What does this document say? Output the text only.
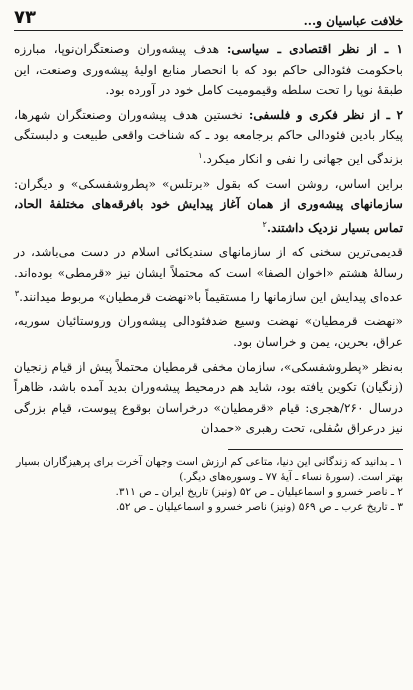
۷۳	خلافت عباسیان و...

۱ ـ از نظر اقتصادی ـ سیاسی: هدف پیشه‌وران وصنعتگران‌نوپا، مبارزه باحکومت فئودالی حاکم بود که با انحصار منابع اولیهٔ پیشه‌وری وصنعت، این طبقهٔ نوپا را تحت سلطه وقیمومیت کامل خود در آورده بود.

۲ ـ از نظر فکری و فلسفی: نخستین هدف پیشه‌وران وصنعتگران شهرها، پیکار بادین فئودالی حاکم برجامعه بود ـ که شناخت واقعی طبیعت و دلبستگی بزندگی این جهانی را نفی و انکار میکرد.$^۱$

براین اساس، روشن است که بقول «برتلس» «پطروشفسکی» و دیگران: سازمانهای پیشه‌وری از همان آغاز پیدایش خود بافرقه‌های مختلفهٔ الحاد، تماس بسیار نزدیک داشتند.$^۲$

قدیمی‌ترین سخنی که از سازمانهای سندیکائی اسلام در دست می‌باشد، در رسالهٔ هشتم «اخوان الصفا» است که محتملاً ایشان نیز «قرمطی» بوده‌اند. عده‌ای پیدایش این سازمانها را مستقیماً با«نهضت قرمطیان» مربوط میدانند.$^۳$

«نهضت قرمطیان» نهضت وسیع ضدفئودالی پیشه‌وران وروستائیان سوریه، عراق، بحرین، یمن و خراسان بود.

به‌نظر «پطروشفسکی»، سازمان مخفی قرمطیان محتملاً پیش از قیام زنجیان (زنگیان) تکوین یافته بود، شاید هم درمحیط پیشه‌وران بدید آمده باشد، ظاهراً درسال ۲۶۰/هجری: قیام «قرمطیان» درخراسان بوقوع پیوست، قیام بزرگی نیز درعراق سُفلی، تحت رهبری «حمدان

۱ ـ بدانید که زندگانی این دنیا، متاعی کم ارزش است وجهان آخرت برای پرهیزگاران بسیار بهتر است. (سورهٔ نساء ـ آیهٔ ۷۷ ـ وسوره‌های دیگر.)

۲ ـ ناصر خسرو و اسماعیلیان ـ ص ۵۲ (ونیز) تاریخ ایران ـ ص ۳۱۱.

۳ ـ تاریخ عرب ـ ص ۵۶۹ (ونیز) ناصر خسرو و اسماعیلیان ـ ص ۵۲.
